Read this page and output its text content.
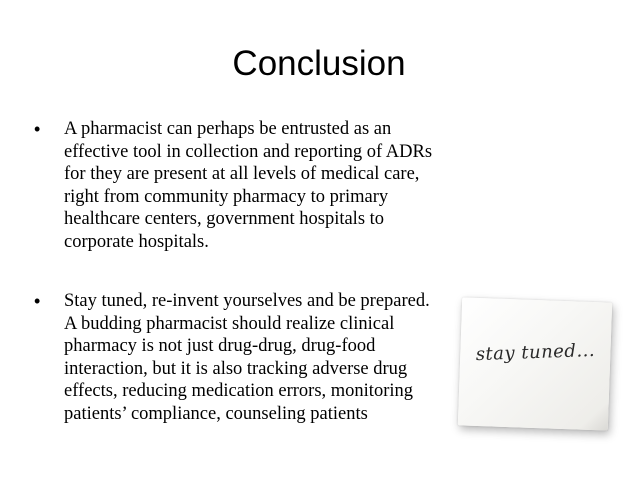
Conclusion
• A pharmacist can perhaps be entrusted as an
effective tool in collection and reporting of ADRs
for they are present at all levels of medical care,
right from community pharmacy to primary
healthcare centers, government hospitals to
corporate hospitals.
• Stay tuned, re-invent yourselves and be prepared.
A budding pharmacist should realize clinical
pharmacy is not just drug-drug, drug-food
interaction, but it is also tracking adverse drug
effects, reducing medication errors, monitoring
patients’ compliance, counseling patients
stay tuned...
